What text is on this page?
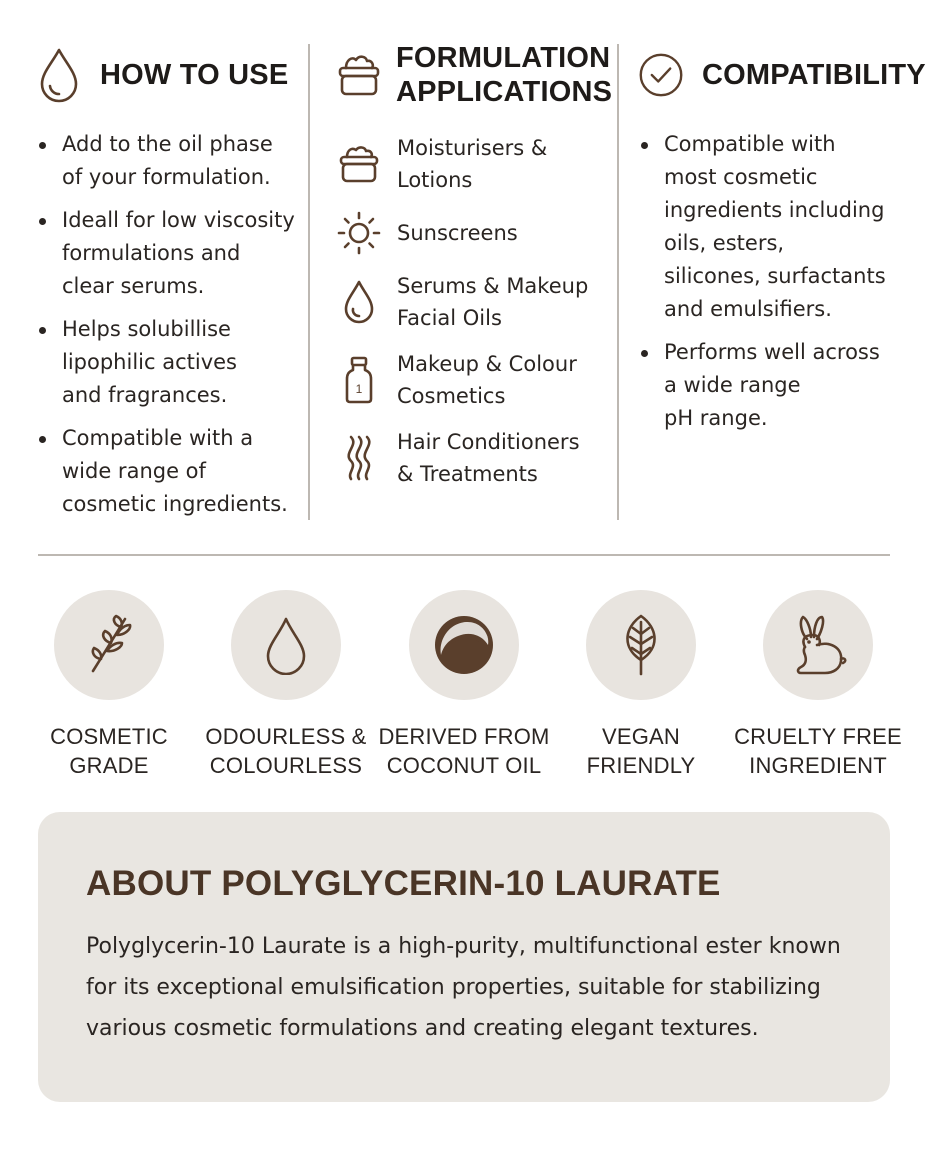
HOW TO USE
Add to the oil phase
of your formulation.
Ideall for low viscosity
formulations and
clear serums.
Helps solubillise
lipophilic actives
and fragrances.
Compatible with a
wide range of
cosmetic ingredients.
FORMULATION
APPLICATIONS
Moisturisers &
Lotions
Sunscreens
Serums & Makeup
Facial Oils
1
Makeup & Colour
Cosmetics
Hair Conditioners
& Treatments
COMPATIBILITY
Compatible with
most cosmetic
ingredients including
oils, esters,
silicones, surfactants
and emulsifiers.
Performs well across
a wide range
pH range.
COSMETIC
GRADE
ODOURLESS &
COLOURLESS
DERIVED FROM
COCONUT OIL
VEGAN
FRIENDLY
CRUELTY FREE
INGREDIENT
ABOUT POLYGLYCERIN-10 LAURATE

Polyglycerin-10 Laurate is a high-purity, multifunctional ester known
for its exceptional emulsification properties, suitable for stabilizing
various cosmetic formulations and creating elegant textures.
